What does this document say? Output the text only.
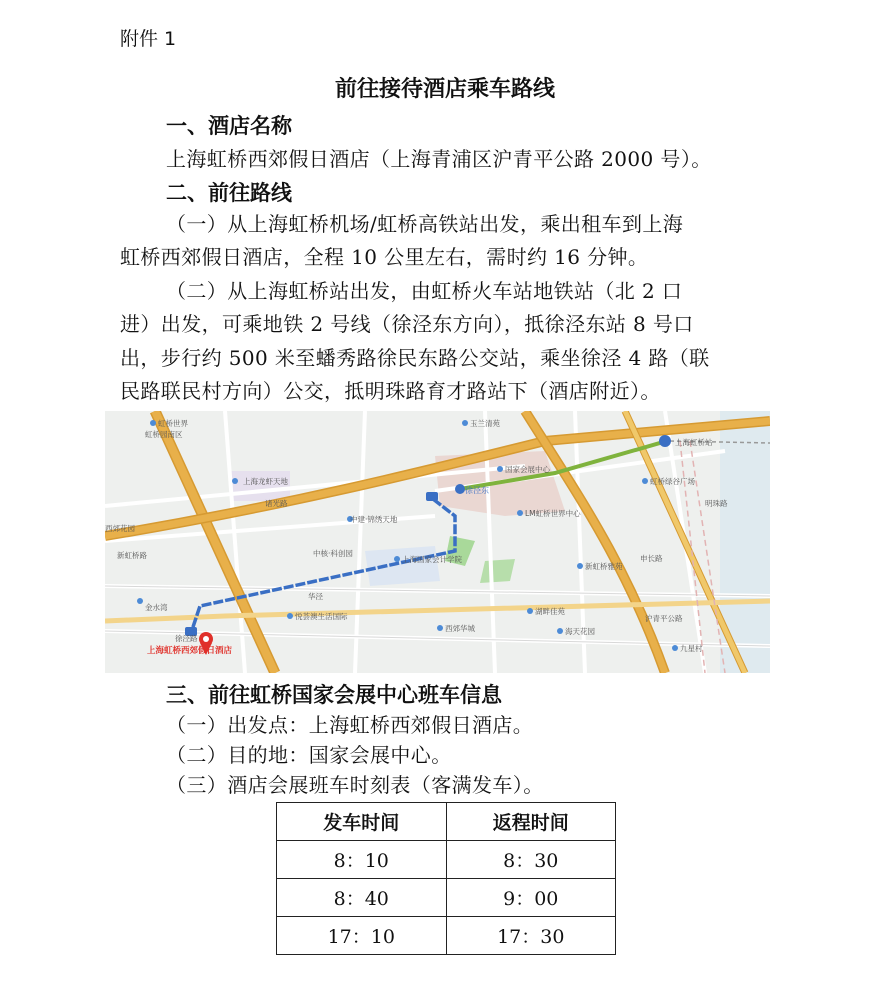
附件 1
前往接待酒店乘车路线
一、酒店名称
上海虹桥西郊假日酒店（上海青浦区沪青平公路 2000 号）。
二、前往路线
（一）从上海虹桥机场/虹桥高铁站出发，乘出租车到上海
虹桥西郊假日酒店，全程 10 公里左右，需时约 16 分钟。
（二）从上海虹桥站出发，由虹桥火车站地铁站（北 2 口
进）出发，可乘地铁 2 号线（徐泾东方向），抵徐泾东站 8 号口
出，步行约 500 米至蟠秀路徐民东路公交站，乘坐徐泾 4 路（联
民路联民村方向）公交，抵明珠路育才路站下（酒店附近）。
虹桥世界
虹桥园南区
玉兰清苑
上海龙虾天地
诸光路
中建·锦绣天地
国家会展中心
LM虹桥世界中心
虹桥绿谷广场
上海虹桥站
中核·科创园
上海国家会计学院
新虹桥雅苑
西郊花园
新虹桥路
金水湾
悦荟澳生活国际
西郊华城
湖畔佳苑
海天花园
九星村
徐泾路
沪青平公路
申长路
华泾
明珠路
徐泾东
上海虹桥西郊假日酒店
三、前往虹桥国家会展中心班车信息
（一）出发点：上海虹桥西郊假日酒店。
（二）目的地：国家会展中心。
（三）酒店会展班车时刻表（客满发车）。
发车时间	返程时间
8：10	8：30
8：40	9：00
17：10	17：30
